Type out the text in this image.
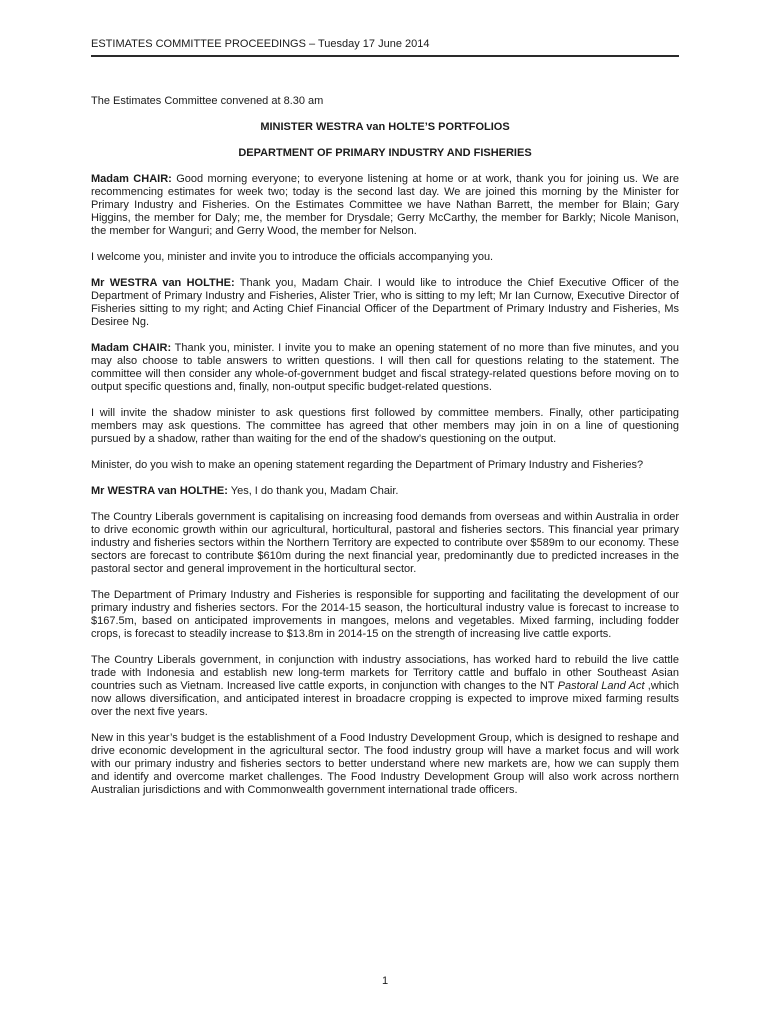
ESTIMATES COMMITTEE PROCEEDINGS – Tuesday 17 June 2014

The Estimates Committee convened at 8.30 am

MINISTER WESTRA van HOLTE’S PORTFOLIOS

DEPARTMENT OF PRIMARY INDUSTRY AND FISHERIES

Madam CHAIR: Good morning everyone; to everyone listening at home or at work, thank you for joining us. We are recommencing estimates for week two; today is the second last day. We are joined this morning by the Minister for Primary Industry and Fisheries. On the Estimates Committee we have Nathan Barrett, the member for Blain; Gary Higgins, the member for Daly; me, the member for Drysdale; Gerry McCarthy, the member for Barkly; Nicole Manison, the member for Wanguri; and Gerry Wood, the member for Nelson.

I welcome you, minister and invite you to introduce the officials accompanying you.

Mr WESTRA van HOLTHE: Thank you, Madam Chair. I would like to introduce the Chief Executive Officer of the Department of Primary Industry and Fisheries, Alister Trier, who is sitting to my left; Mr Ian Curnow, Executive Director of Fisheries sitting to my right; and Acting Chief Financial Officer of the Department of Primary Industry and Fisheries, Ms Desiree Ng.

Madam CHAIR: Thank you, minister. I invite you to make an opening statement of no more than five minutes, and you may also choose to table answers to written questions. I will then call for questions relating to the statement. The committee will then consider any whole-of-government budget and fiscal strategy-related questions before moving on to output specific questions and, finally, non-output specific budget-related questions.

I will invite the shadow minister to ask questions first followed by committee members. Finally, other participating members may ask questions. The committee has agreed that other members may join in on a line of questioning pursued by a shadow, rather than waiting for the end of the shadow’s questioning on the output.

Minister, do you wish to make an opening statement regarding the Department of Primary Industry and Fisheries?

Mr WESTRA van HOLTHE: Yes, I do thank you, Madam Chair.

The Country Liberals government is capitalising on increasing food demands from overseas and within Australia in order to drive economic growth within our agricultural, horticultural, pastoral and fisheries sectors. This financial year primary industry and fisheries sectors within the Northern Territory are expected to contribute over $589m to our economy. These sectors are forecast to contribute $610m during the next financial year, predominantly due to predicted increases in the pastoral sector and general improvement in the horticultural sector.

The Department of Primary Industry and Fisheries is responsible for supporting and facilitating the development of our primary industry and fisheries sectors. For the 2014-15 season, the horticultural industry value is forecast to increase to $167.5m, based on anticipated improvements in mangoes, melons and vegetables. Mixed farming, including fodder crops, is forecast to steadily increase to $13.8m in 2014-15 on the strength of increasing live cattle exports.

The Country Liberals government, in conjunction with industry associations, has worked hard to rebuild the live cattle trade with Indonesia and establish new long-term markets for Territory cattle and buffalo in other Southeast Asian countries such as Vietnam. Increased live cattle exports, in conjunction with changes to the NT Pastoral Land Act ,which now allows diversification, and anticipated interest in broadacre cropping is expected to improve mixed farming results over the next five years.

New in this year’s budget is the establishment of a Food Industry Development Group, which is designed to reshape and drive economic development in the agricultural sector. The food industry group will have a market focus and will work with our primary industry and fisheries sectors to better understand where new markets are, how we can supply them and identify and overcome market challenges. The Food Industry Development Group will also work across northern Australian jurisdictions and with Commonwealth government international trade officers.

1
